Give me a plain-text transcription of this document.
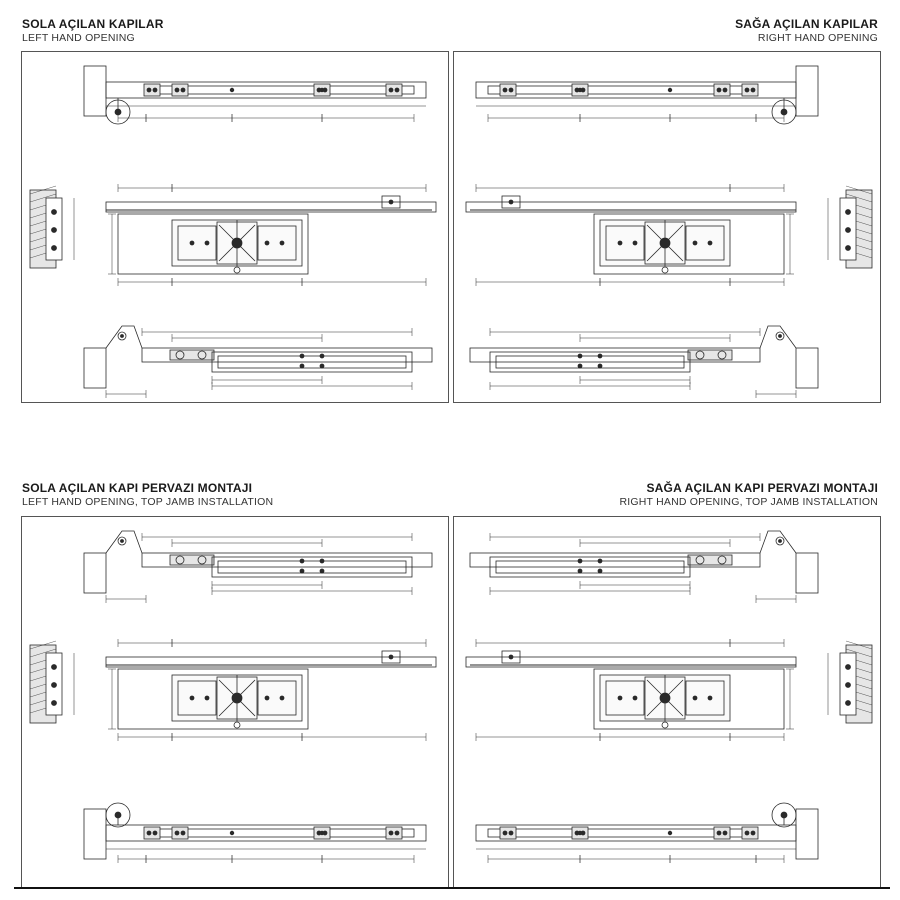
SOLA AÇILAN KAPILAR
LEFT HAND OPENING
SAĞA AÇILAN KAPILAR
RIGHT HAND OPENING
SOLA AÇILAN KAPI PERVAZI MONTAJI
LEFT HAND OPENING, TOP JAMB INSTALLATION
SAĞA AÇILAN KAPI PERVAZI MONTAJI
RIGHT HAND OPENING, TOP JAMB INSTALLATION
